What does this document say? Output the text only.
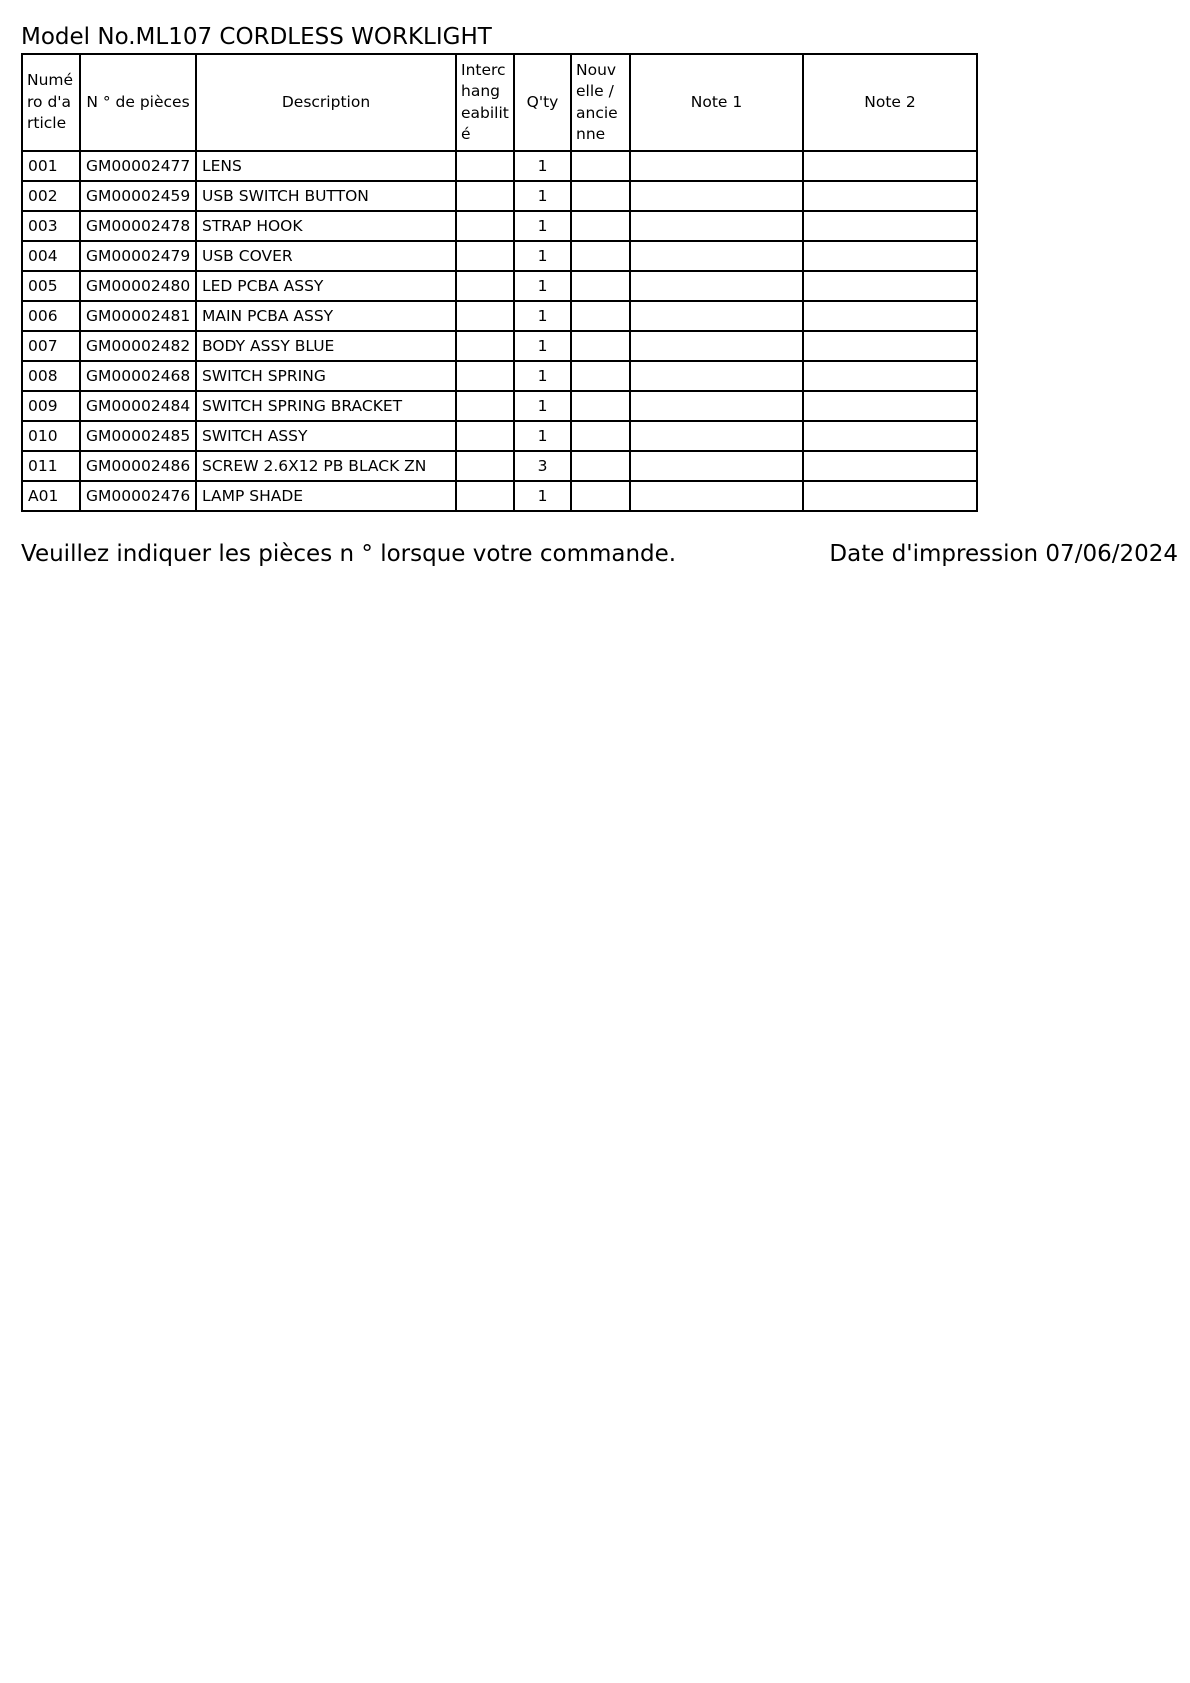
Model No.ML107 CORDLESS WORKLIGHT
Numéro d'article	N ° de pièces	Description	Interchangeabilité	Q'ty	Nouvelle / ancienne	Note 1	Note 2
001	GM00002477	LENS		1			
002	GM00002459	USB SWITCH BUTTON		1			
003	GM00002478	STRAP HOOK		1			
004	GM00002479	USB COVER		1			
005	GM00002480	LED PCBA ASSY		1			
006	GM00002481	MAIN PCBA ASSY		1			
007	GM00002482	BODY ASSY BLUE		1			
008	GM00002468	SWITCH SPRING		1			
009	GM00002484	SWITCH SPRING BRACKET		1			
010	GM00002485	SWITCH ASSY		1			
011	GM00002486	SCREW 2.6X12 PB BLACK ZN		3			
A01	GM00002476	LAMP SHADE		1			
Veuillez indiquer les pièces n ° lorsque votre commande.	Date d'impression 07/06/2024
